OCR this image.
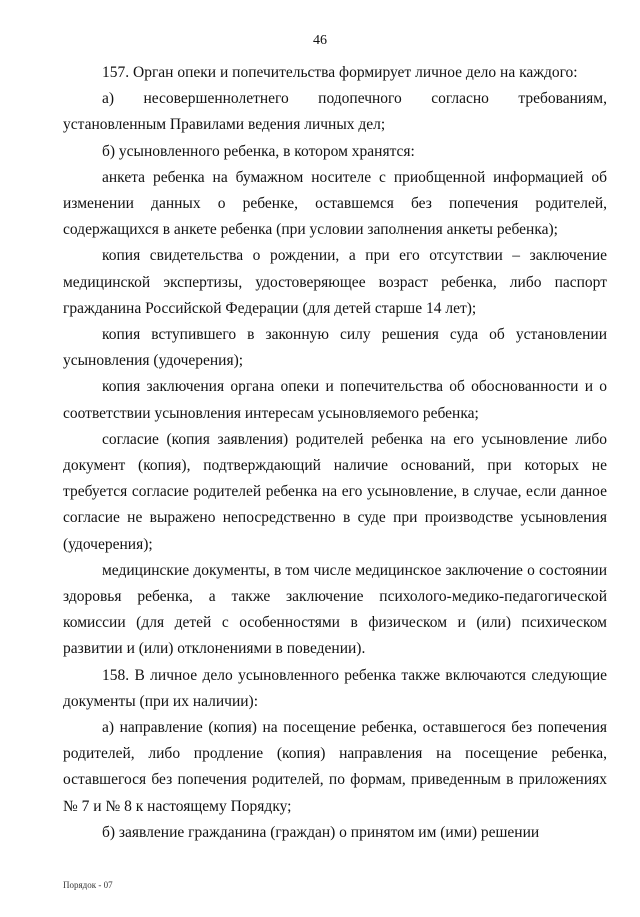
46

157. Орган опеки и попечительства формирует личное дело на каждого:

а) несовершеннолетнего подопечного согласно требованиям, установленным Правилами ведения личных дел;

б) усыновленного ребенка, в котором хранятся:

анкета ребенка на бумажном носителе с приобщенной информацией об изменении данных о ребенке, оставшемся без попечения родителей, содержащихся в анкете ребенка (при условии заполнения анкеты ребенка);

копия свидетельства о рождении, а при его отсутствии – заключение медицинской экспертизы, удостоверяющее возраст ребенка, либо паспорт гражданина Российской Федерации (для детей старше 14 лет);

копия вступившего в законную силу решения суда об установлении усыновления (удочерения);

копия заключения органа опеки и попечительства об обоснованности и о соответствии усыновления интересам усыновляемого ребенка;

согласие (копия заявления) родителей ребенка на его усыновление либо документ (копия), подтверждающий наличие оснований, при которых не требуется согласие родителей ребенка на его усыновление, в случае, если данное согласие не выражено непосредственно в суде при производстве усыновления (удочерения);

медицинские документы, в том числе медицинское заключение о состоянии здоровья ребенка, а также заключение психолого-медико-педагогической комиссии (для детей с особенностями в физическом и (или) психическом развитии и (или) отклонениями в поведении).

158. В личное дело усыновленного ребенка также включаются следующие документы (при их наличии):

а) направление (копия) на посещение ребенка, оставшегося без попечения родителей, либо продление (копия) направления на посещение ребенка, оставшегося без попечения родителей, по формам, приведенным в приложениях № 7 и № 8 к настоящему Порядку;

б) заявление гражданина (граждан) о принятом им (ими) решении

Порядок - 07
